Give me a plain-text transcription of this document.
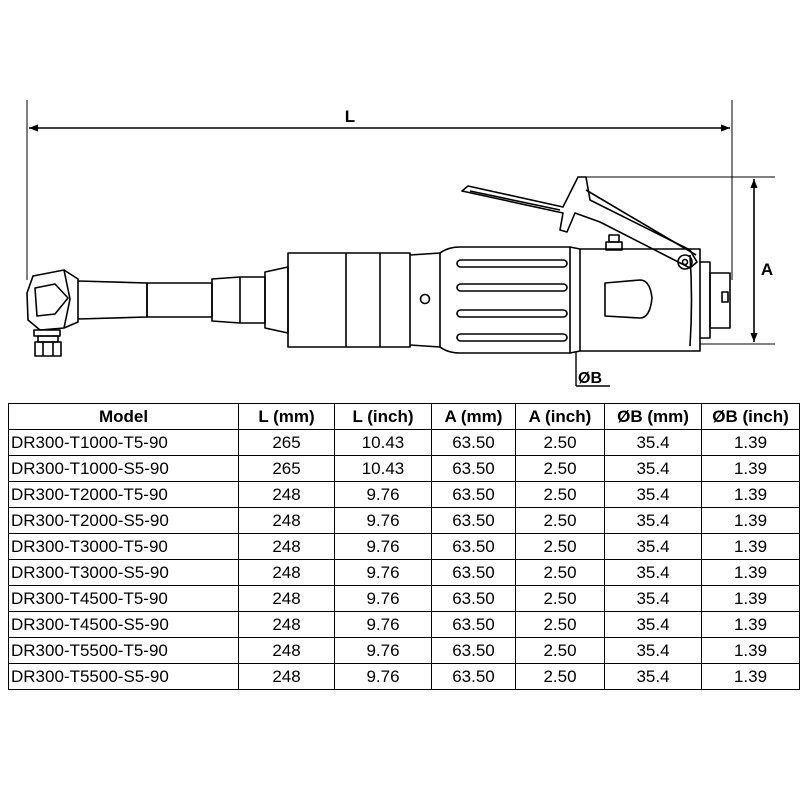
L
A
ØB
Model	L (mm)	L (inch)	A (mm)	A (inch)	ØB (mm)	ØB (inch)
DR300-T1000-T5-90	265	10.43	63.50	2.50	35.4	1.39
DR300-T1000-S5-90	265	10.43	63.50	2.50	35.4	1.39
DR300-T2000-T5-90	248	9.76	63.50	2.50	35.4	1.39
DR300-T2000-S5-90	248	9.76	63.50	2.50	35.4	1.39
DR300-T3000-T5-90	248	9.76	63.50	2.50	35.4	1.39
DR300-T3000-S5-90	248	9.76	63.50	2.50	35.4	1.39
DR300-T4500-T5-90	248	9.76	63.50	2.50	35.4	1.39
DR300-T4500-S5-90	248	9.76	63.50	2.50	35.4	1.39
DR300-T5500-T5-90	248	9.76	63.50	2.50	35.4	1.39
DR300-T5500-S5-90	248	9.76	63.50	2.50	35.4	1.39
